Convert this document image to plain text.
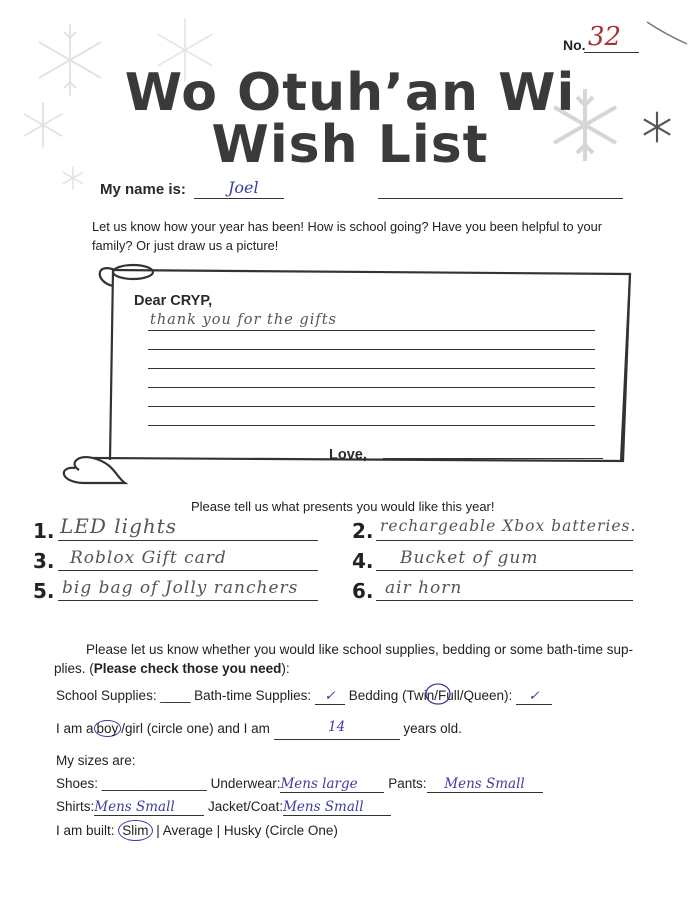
No. 32
Wo Otuh’an Wi
Wish List
My name is:	Joel
Let us know how your year has been! How is school going? Have you been helpful to your family? Or just draw us a picture!
Dear CRYP,
thank you for the gifts
Love,
Please tell us what presents you would like this year!
1. LED lights	2. rechargeable Xbox batteries.
3. Roblox Gift card	4. Bucket of gum
5. big bag of Jolly ranchers	6. air horn
Please let us know whether you would like school supplies, bedding or some bath-time sup-plies. (Please check those you need):
School Supplies: ____ Bath-time Supplies: ✓ Bedding (Twin/Full/Queen): ✓
I am a boy /girl (circle one) and I am	14	years old.
My sizes are:
Shoes: ______________ Underwear:Mens large Pants: Mens Small
Shirts:Mens Small Jacket/Coat:Mens Small
I am built: Slim | Average | Husky (Circle One)
